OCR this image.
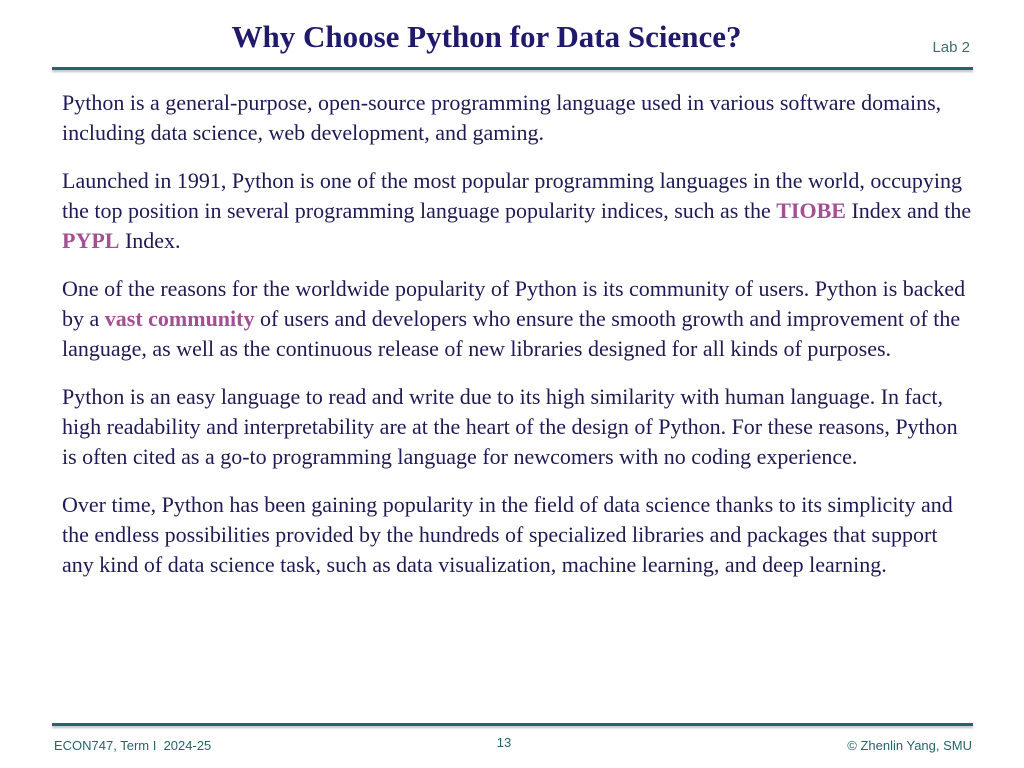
Why Choose Python for Data Science?	Lab 2

Python is a general-purpose, open-source programming language used in various software domains, including data science, web development, and gaming.

Launched in 1991, Python is one of the most popular programming languages in the world, occupying the top position in several programming language popularity indices, such as the TIOBE Index and the PYPL Index.

One of the reasons for the worldwide popularity of Python is its community of users. Python is backed by a vast community of users and developers who ensure the smooth growth and improvement of the language, as well as the continuous release of new libraries designed for all kinds of purposes.

Python is an easy language to read and write due to its high similarity with human language. In fact, high readability and interpretability are at the heart of the design of Python. For these reasons, Python is often cited as a go-to programming language for newcomers with no coding experience.

Over time, Python has been gaining popularity in the field of data science thanks to its simplicity and the endless possibilities provided by the hundreds of specialized libraries and packages that support any kind of data science task, such as data visualization, machine learning, and deep learning.

ECON747, Term I  2024-25	13	© Zhenlin Yang, SMU
